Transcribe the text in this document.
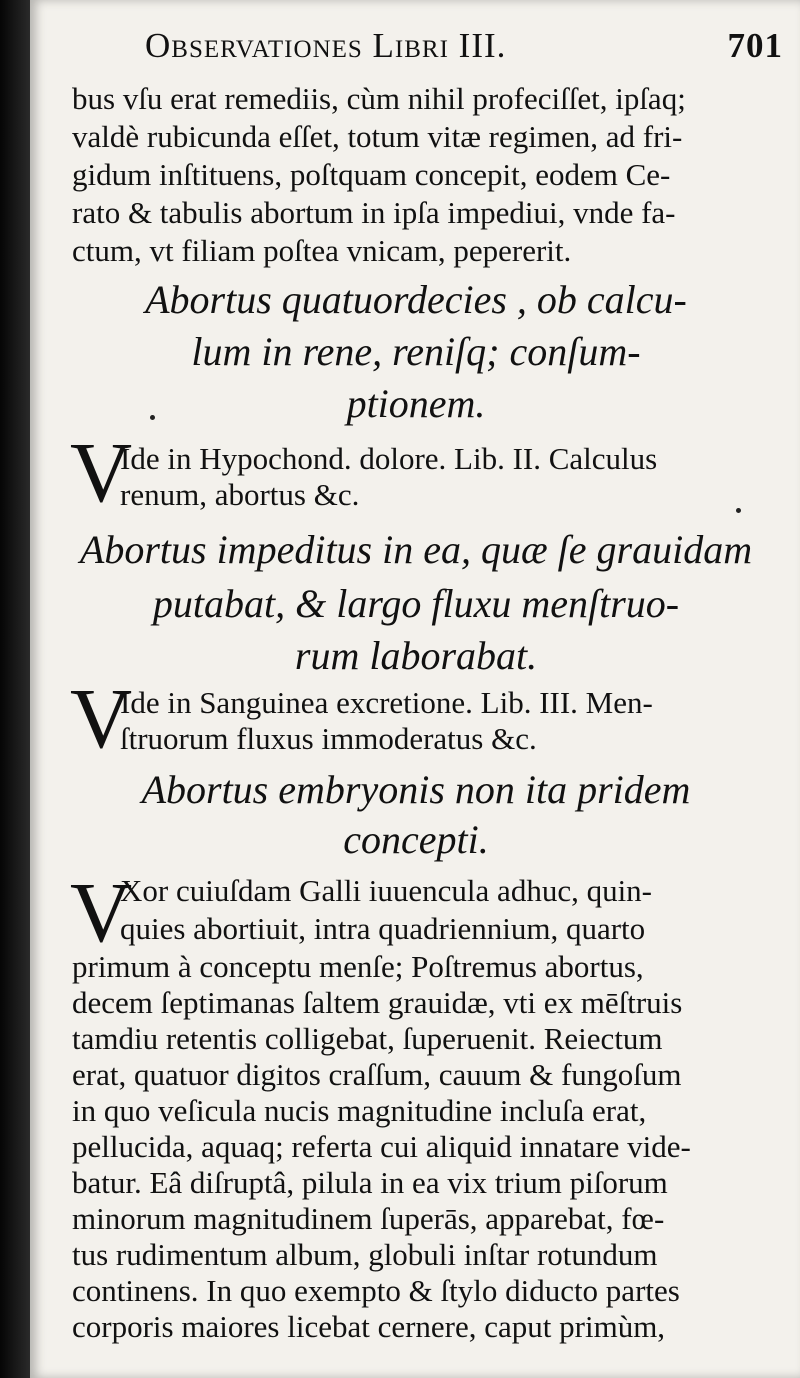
Observationes Libri III.	701
bus vſu erat remediis, cùm nihil profeciſſet, ipſaq;
valdè rubicunda eſſet, totum vitæ regimen, ad fri-
gidum inſtituens, poſtquam concepit, eodem Ce-
rato & tabulis abortum in ipſa impediui, vnde fa-
ctum, vt filiam poſtea vnicam, pepererit.
Abortus quatuordecies , ob calcu-
lum in rene, reniſq; conſum-
ptionem.
V
Ide in Hypochond. dolore. Lib. II. Calculus
renum, abortus &c.
Abortus impeditus in ea, quæ ſe grauidam
putabat, & largo fluxu menſtruo-
rum laborabat.
V
Ide in Sanguinea excretione. Lib. III. Men-
ſtruorum fluxus immoderatus &c.
Abortus embryonis non ita pridem
concepti.
V
Xor cuiuſdam Galli iuuencula adhuc, quin-
quies abortiuit, intra quadriennium, quarto
primum à conceptu menſe; Poſtremus abortus,
decem ſeptimanas ſaltem grauidæ, vti ex mēſtruis
tamdiu retentis colligebat, ſuperuenit. Reiectum
erat, quatuor digitos craſſum, cauum & fungoſum
in quo veſicula nucis magnitudine incluſa erat,
pellucida, aquaq; referta cui aliquid innatare vide-
batur. Eâ diſruptâ, pilula in ea vix trium piſorum
minorum magnitudinem ſuperās, apparebat, fœ-
tus rudimentum album, globuli inſtar rotundum
continens. In quo exempto & ſtylo diducto partes
corporis maiores licebat cernere, caput primùm,
